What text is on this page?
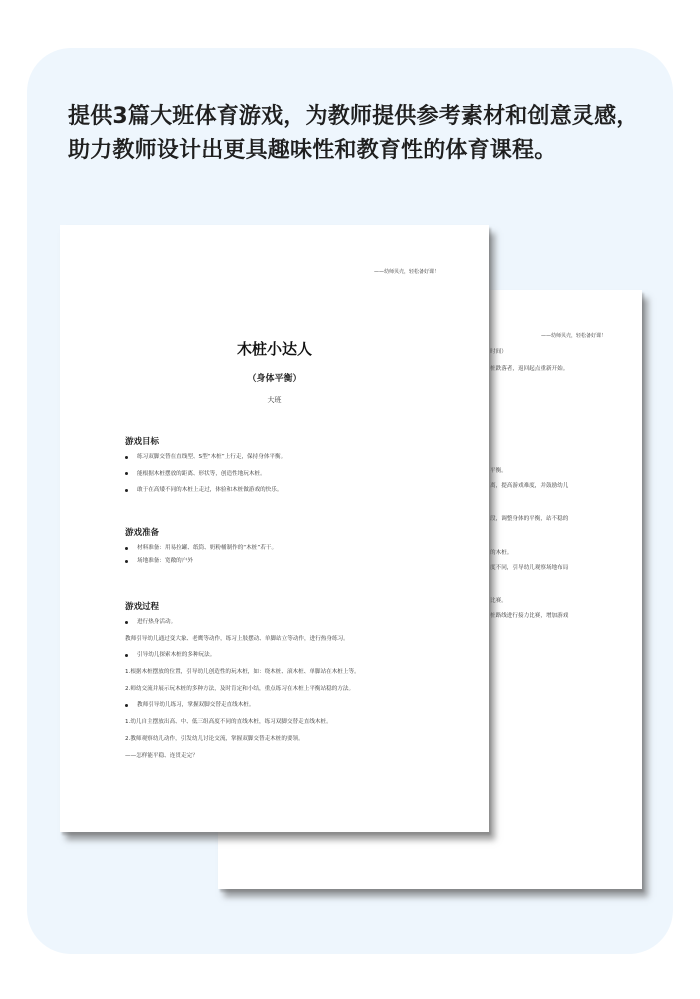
提供3篇大班体育游戏，为教师提供参考素材和创意灵感，
助力教师设计出更具趣味性和教育性的体育课程。
——幼师贝壳，轻松备好课！
时间）
桩跌落者，返回起点重新开始。
平衡。
离，提高游戏难度，并鼓励幼儿
段，调整身体的平衡，站不稳的
的木桩。
度不同，引导幼儿观察场地布局
比赛。
桩路线进行接力比赛，增加游戏
——幼师贝壳，轻松备好课！
木桩小达人
（身体平衡）
大班
游戏目标
练习双脚交替在直线型、S型“木桩”上行走，保持身体平衡。
能根据木桩摆放的距离、形状等，创造性地玩木桩。
敢于在高矮不同的木桩上走过，体验和木桩做游戏的快乐。
游戏准备
材料准备：用易拉罐、纸筒、奶粉桶制作的“木桩”若干。
场地准备：宽敞的户外
游戏过程
进行热身活动。
教师引导幼儿通过变大象、老鹰等动作，练习上肢摆动、单脚站立等动作，进行热身练习。
引导幼儿探索木桩的多种玩法。
1.根据木桩摆放的位置，引导幼儿创造性的玩木桩，如：绕木桩、滚木桩、单脚站在木桩上等。
2.师幼交流并展示玩木桩的多种方法，及时肯定和小结，重点练习在木桩上平衡站稳的方法。
教师引导幼儿练习，掌握双脚交替走直线木桩。
1.幼儿自主摆放出高、中、低三组高度不同的直线木桩，练习双脚交替走直线木桩。
2.教师观察幼儿动作，引发幼儿讨论交流，掌握双脚交替走木桩的要领。
——怎样能平稳、连贯走完？
